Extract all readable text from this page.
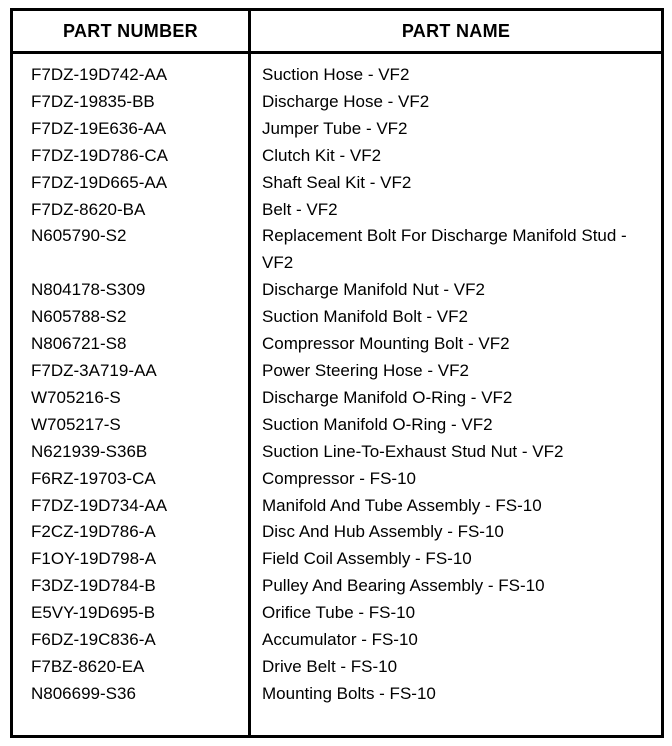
PART NUMBER	PART NAME
F7DZ-19D742-AA	Suction Hose - VF2
F7DZ-19835-BB	Discharge Hose - VF2
F7DZ-19E636-AA	Jumper Tube - VF2
F7DZ-19D786-CA	Clutch Kit - VF2
F7DZ-19D665-AA	Shaft Seal Kit - VF2
F7DZ-8620-BA	Belt - VF2
N605790-S2	Replacement Bolt For Discharge Manifold Stud - VF2
N804178-S309	Discharge Manifold Nut - VF2
N605788-S2	Suction Manifold Bolt - VF2
N806721-S8	Compressor Mounting Bolt - VF2
F7DZ-3A719-AA	Power Steering Hose - VF2
W705216-S	Discharge Manifold O-Ring - VF2
W705217-S	Suction Manifold O-Ring - VF2
N621939-S36B	Suction Line-To-Exhaust Stud Nut - VF2
F6RZ-19703-CA	Compressor - FS-10
F7DZ-19D734-AA	Manifold And Tube Assembly - FS-10
F2CZ-19D786-A	Disc And Hub Assembly - FS-10
F1OY-19D798-A	Field Coil Assembly - FS-10
F3DZ-19D784-B	Pulley And Bearing Assembly - FS-10
E5VY-19D695-B	Orifice Tube - FS-10
F6DZ-19C836-A	Accumulator - FS-10
F7BZ-8620-EA	Drive Belt - FS-10
N806699-S36	Mounting Bolts - FS-10
